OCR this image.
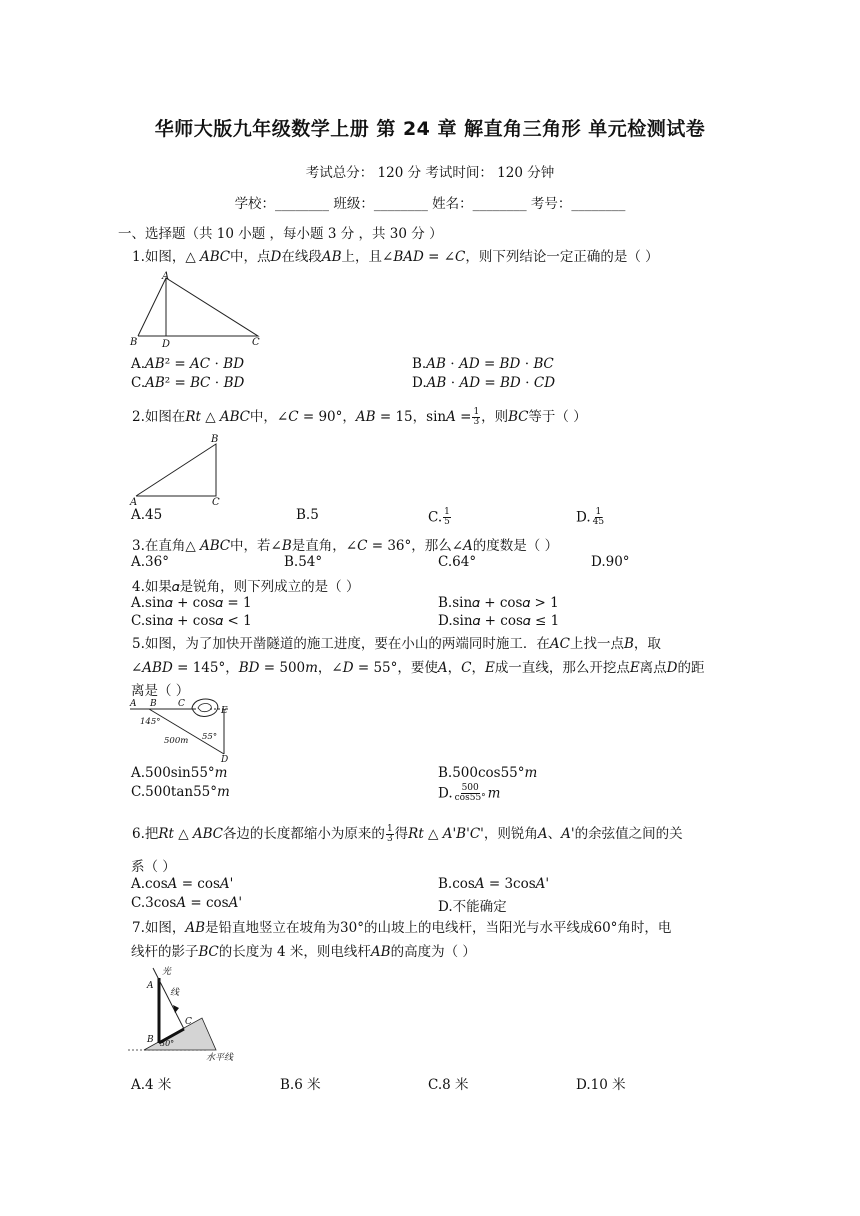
华师大版九年级数学上册 第 24 章 解直角三角形 单元检测试卷
考试总分： 120 分 考试时间： 120 分钟
学校：________ 班级：________ 姓名：________ 考号：________
一、选择题（共 10 小题 ，每小题 3 分 ，共 30 分 ）
1.如图，△ 𝐴𝐵𝐶中，点𝐷在线段𝐴𝐵上，且∠𝐵𝐴𝐷 = ∠𝐶，则下列结论一定正确的是（ ）
A
B D	C
A.𝐴𝐵² = 𝐴𝐶 ⋅ 𝐵𝐷	B.𝐴𝐵 ⋅ 𝐴𝐷 = 𝐵𝐷 ⋅ 𝐵𝐶
C.𝐴𝐵² = 𝐵𝐶 ⋅ 𝐵𝐷	D.𝐴𝐵 ⋅ 𝐴𝐷 = 𝐵𝐷 ⋅ 𝐶𝐷
2.如图在𝑅𝑡 △ 𝐴𝐵𝐶中，∠𝐶 = 90°，𝐴𝐵 = 15，sin𝐴 = $\frac{1}{3}$ ，则𝐵𝐶等于（ ）
B
A	C
A.45	B.5	C. $\frac{1}{5}$	D. $\frac{1}{45}$
3.在直角△ 𝐴𝐵𝐶中，若∠𝐵是直角，∠𝐶 = 36°，那么∠𝐴的度数是（ ）
A.36°	B.54°	C.64°	D.90°
4.如果𝛼是锐角，则下列成立的是（ ）
A.sin𝛼 + cos𝛼 = 1	B.sin𝛼 + cos𝛼 > 1
C.sin𝛼 + cos𝛼 < 1	D.sin𝛼 + cos𝛼 ≤ 1
5.如图，为了加快开凿隧道的施工进度，要在小山的两端同时施工．在𝐴𝐶上找一点𝐵，取
∠𝐴𝐵𝐷 = 145°，𝐵𝐷 = 500𝑚，∠𝐷 = 55°，要使𝐴，𝐶，𝐸成一直线，那么开挖点𝐸离点𝐷的距
离是（ ）
A B C
E
D
145°
500m 55°
A.500sin55°𝑚	B.500cos55°𝑚
C.500tan55°𝑚	D. $\frac{500}{\cos 55^\circ}$ 𝑚
6.把𝑅𝑡 △ 𝐴𝐵𝐶各边的长度都缩小为原来的 $\frac{1}{3}$ 得𝑅𝑡 △ 𝐴'𝐵'𝐶'，则锐角𝐴、𝐴'的余弦值之间的关
系（ ）
A.cos𝐴 = cos𝐴'	B.cos𝐴 = 3cos𝐴'
C.3cos𝐴 = cos𝐴'	D.不能确定
7.如图，𝐴𝐵是铅直地竖立在坡角为30°的山坡上的电线杆，当阳光与水平线成60°角时，电
线杆的影子𝐵𝐶的长度为 4 米，则电线杆𝐴𝐵的高度为（ ）
光
线
A
C
B 30°
水平线
A.4 米	B.6 米	C.8 米	D.10 米
